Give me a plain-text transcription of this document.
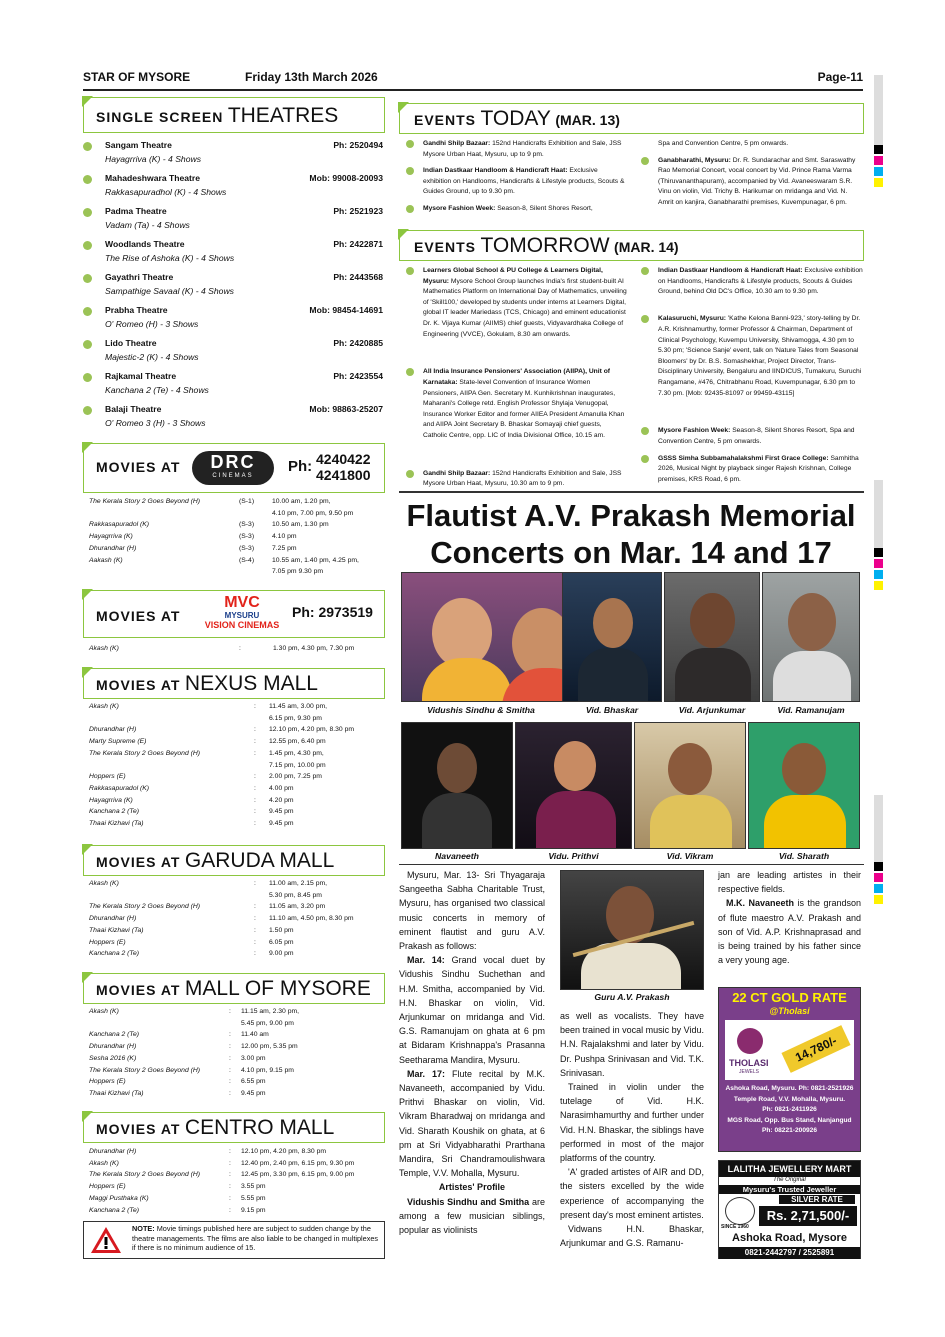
STAR OF MYSORE	Friday 13th March 2026	Page-11
SINGLE SCREEN THEATRES
Sangam Theatre	Ph: 2520494
Hayagrriva (K) - 4 Shows
Mahadeshwara Theatre	Mob: 99008-20093
Rakkasapuradhol (K) - 4 Shows
Padma Theatre	Ph: 2521923
Vadam (Ta) - 4 Shows
Woodlands Theatre	Ph: 2422871
The Rise of Ashoka (K) - 4 Shows
Gayathri Theatre	Ph: 2443568
Sampathige Savaal (K) - 4 Shows
Prabha Theatre	Mob: 98454-14691
O' Romeo (H) - 3 Shows
Lido Theatre	Ph: 2420885
Majestic-2 (K) - 4 Shows
Rajkamal Theatre	Ph: 2423554
Kanchana 2 (Te) - 4 Shows
Balaji Theatre	Mob: 98863-25207
O' Romeo 3 (H) - 3 Shows
MOVIES AT	DRC
CINEMAS
Ph: 4240422
4241800
The Kerala Story 2 Goes Beyond (H)	(S-1)	10.00 am, 1.20 pm,
4.10 pm, 7.00 pm, 9.50 pm
Rakkasapuradol (K)	(S-3)	10.50 am, 1.30 pm
Hayagrriva (K)	(S-3)	4.10 pm
Dhurandhar (H)	(S-3)	7.25 pm
Aakash (K)	(S-4)	10.55 am, 1.40 pm, 4.25 pm,
7.05 pm 9.30 pm
MOVIES AT
MVC
MYSURU
VISION CINEMAS
Ph: 2973519
Akash (K)	:	1.30 pm, 4.30 pm, 7.30 pm
MOVIES AT NEXUS MALL
Akash (K)	: 11.45 am, 3.00 pm,
6.15 pm, 9.30 pm
Dhurandhar (H)	: 12.10 pm, 4.20 pm, 8.30 pm
Marty Supreme (E)	: 12.55 pm, 6.40 pm
The Kerala Story 2 Goes Beyond (H)	: 1.45 pm, 4.30 pm,
7.15 pm, 10.00 pm
Hoppers (E)	: 2.00 pm, 7.25 pm
Rakkasapuradol (K)	: 4.00 pm
Hayagrriva (K)	: 4.20 pm
Kanchana 2 (Te)	: 9.45 pm
Thaai Kizhavi (Ta)	: 9.45 pm
MOVIES AT GARUDA MALL
Akash (K)	: 11.00 am, 2.15 pm,
5.30 pm, 8.45 pm
The Kerala Story 2 Goes Beyond (H)	: 11.05 am, 3.20 pm
Dhurandhar (H)	: 11.10 am, 4.50 pm, 8.30 pm
Thaai Kizhavi (Ta)	: 1.50 pm
Hoppers (E)	: 6.05 pm
Kanchana 2 (Te)	: 9.00 pm
MOVIES AT MALL OF MYSORE
Akash (K)	: 11.15 am, 2.30 pm,
5.45 pm, 9.00 pm
Kanchana 2 (Te)	: 11.40 am
Dhurandhar (H)	: 12.00 pm, 5.35 pm
Sesha 2016 (K)	: 3.00 pm
The Kerala Story 2 Goes Beyond (H)	: 4.10 pm, 9.15 pm
Hoppers (E)	: 6.55 pm
Thaai Kizhavi (Ta)	: 9.45 pm
MOVIES AT CENTRO MALL
Dhurandhar (H)	: 12.10 pm, 4.20 pm, 8.30 pm
Akash (K)	: 12.40 pm, 2.40 pm, 6.15 pm, 9.30 pm
The Kerala Story 2 Goes Beyond (H)	: 12.45 pm, 3.30 pm, 6.15 pm, 9.00 pm
Hoppers (E)	: 3.55 pm
Maggi Pusthaka (K)	: 5.55 pm
Kanchana 2 (Te)	: 9.15 pm
NOTE: Movie timings published here are subject to sudden change by the theatre managements. The films are also liable to be changed in multiplexes if there is no minimum audience of 15.
EVENTS TODAY (MAR. 13)
Gandhi Shilp Bazaar: 152nd Handicrafts Exhibition and Sale, JSS Mysore Urban Haat, Mysuru, up to 9 pm.
Indian Dastkaar Handloom & Handicraft Haat: Exclusive exhibition on Handlooms, Handicrafts & Lifestyle products, Scouts & Guides Ground, up to 9.30 pm.
Mysore Fashion Week: Season-8, Silent Shores Resort,
Spa and Convention Centre, 5 pm onwards.
Ganabharathi, Mysuru: Dr. R. Sundarachar and Smt. Saraswathy Rao Memorial Concert, vocal concert by Vid. Prince Rama Varma (Thiruvananthapuram), accompanied by Vid. Avaneeswaram S.R. Vinu on violin, Vid. Trichy B. Harikumar on mridanga and Vid. N. Amrit on kanjira, Ganabharathi premises, Kuvempunagar, 6 pm.
EVENTS TOMORROW (MAR. 14)
Learners Global School & PU College & Learners Digital, Mysuru: Mysore School Group launches India's first student-built AI Mathematics Platform on International Day of Mathematics, unveiling of 'Skill100,' developed by students under interns at Learners Digital, global IT leader Mariedass (TCS, Chicago) and eminent educationist Dr. K. Vijaya Kumar (AIIMS) chief guests, Vidyavardhaka College of Engineering (VVCE), Gokulam, 8.30 am onwards.
All India Insurance Pensioners' Association (AIIPA), Unit of Karnataka: State-level Convention of Insurance Women Pensioners, AIIPA Gen. Secretary M. Kunhikrishnan inaugurates, Maharani's College retd. English Professor Shylaja Venugopal, Insurance Worker Editor and former AIIEA President Amanulla Khan and AIIPA Joint Secretary B. Bhaskar Somayaji chief guests, Catholic Centre, opp. LIC of India Divisional Office, 10.15 am.
Gandhi Shilp Bazaar: 152nd Handicrafts Exhibition and Sale, JSS Mysore Urban Haat, Mysuru, 10.30 am to 9 pm.
Indian Dastkaar Handloom & Handicraft Haat: Exclusive exhibition on Handlooms, Handicrafts & Lifestyle products, Scouts & Guides Ground, behind Old DC's Office, 10.30 am to 9.30 pm.
Kalasuruchi, Mysuru: 'Kathe Kelona Banni-923,' story-telling by Dr. A.R. Krishnamurthy, former Professor & Chairman, Department of Clinical Psychology, Kuvempu University, Shivamogga, 4.30 pm to 5.30 pm; 'Science Sanje' event, talk on 'Nature Tales from Seasonal Bloomers' by Dr. B.S. Somashekhar, Project Director, Trans-Disciplinary University, Bengaluru and IINDICUS, Tumakuru, Suruchi Rangamane, #476, Chitrabhanu Road, Kuvempunagar, 6.30 pm to 7.30 pm. [Mob: 92435-81097 or 99459-43115]
Mysore Fashion Week: Season-8, Silent Shores Resort, Spa and Convention Centre, 5 pm onwards.
GSSS Simha Subbamahalakshmi First Grace College: Samhitha 2026, Musical Night by playback singer Rajesh Krishnan, College premises, KRS Road, 6 pm.
Flautist A.V. Prakash Memorial
Concerts on Mar. 14 and 17
Vidushis Sindhu & Smitha	Vid. Bhaskar	Vid. Arjunkumar	Vid. Ramanujam
Navaneeth	Vidu. Prithvi	Vid. Vikram	Vid. Sharath

Mysuru, Mar. 13- Sri Thyagaraja Sangeetha Sabha Charitable Trust, Mysuru, has organised two classical music concerts in memory of eminent flautist and guru A.V. Prakash as follows:

Mar. 14: Grand vocal duet by Vidushis Sindhu Suchethan and H.M. Smitha, accompanied by Vid. H.N. Bhaskar on violin, Vid. Arjunkumar on mridanga and Vid. G.S. Ramanujam on ghata at 6 pm at Bidaram Krishnappa's Prasanna Seetharama Mandira, Mysuru.

Mar. 17: Flute recital by M.K. Navaneeth, accompanied by Vidu. Prithvi Bhaskar on violin, Vid. Vikram Bharadwaj on mridanga and Vid. Sharath Koushik on ghata, at 6 pm at Sri Vidyabharathi Prarthana Mandira, Sri Chandramoulishwara Temple, V.V. Mohalla, Mysuru.

Artistes' Profile

Vidushis Sindhu and Smitha are among a few musician siblings, popular as violinists

Guru A.V. Prakash

as well as vocalists. They have been trained in vocal music by Vidu. H.N. Rajalakshmi and later by Vidu. Dr. Pushpa Srinivasan and Vid. T.K. Srinivasan.

Trained in violin under the tutelage of Vid. H.K. Narasimhamurthy and further under Vid. H.N. Bhaskar, the siblings have performed in most of the major platforms of the country.

'A' graded artistes of AIR and DD, the sisters excelled by the wide experience of accompanying the present day's most eminent artistes.

Vidwans H.N. Bhaskar, Arjunkumar and G.S. Ramanu-

jan are leading artistes in their respective fields.

M.K. Navaneeth is the grandson of flute maestro A.V. Prakash and son of Vid. A.P. Krishnaprasad and is being trained by his father since a very young age.

22 CT GOLD RATE
@Tholasi
THOLASI
JEWELS
14,780/-
Ashoka Road, Mysuru. Ph: 0821-2521926
Temple Road, V.V. Mohalla, Mysuru.
Ph: 0821-2411926
MGS Road, Opp. Bus Stand, Nanjangud
Ph: 08221-200926
LALITHA JEWELLERY MART
The Original
Mysuru's Trusted Jeweller
SILVER RATE
SINCE 1960
Rs. 2,71,500/-
Ashoka Road, Mysore
0821-2442797 / 2525891
